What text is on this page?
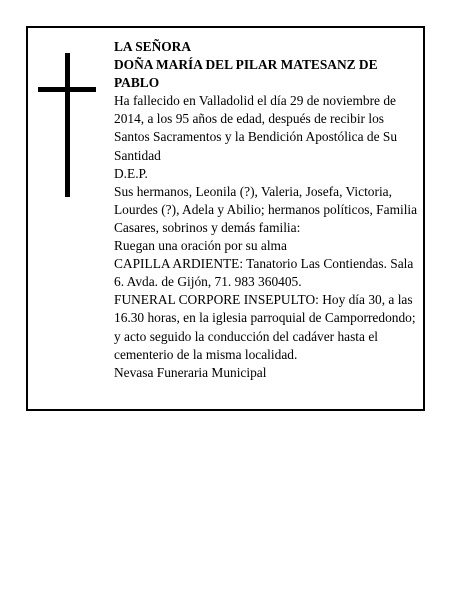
LA SEÑORA

DOÑA MARÍA DEL PILAR MATESANZ DE PABLO

Ha fallecido en Valladolid el día 29 de noviembre de 2014, a los 95 años de edad, después de recibir los Santos Sacramentos y la Bendición Apostólica de Su Santidad

D.E.P.

Sus hermanos, Leonila (?), Valeria, Josefa, Victoria, Lourdes (?), Adela y Abilio; hermanos políticos, Familia Casares, sobrinos y demás familia:

Ruegan una oración por su alma

CAPILLA ARDIENTE: Tanatorio Las Contiendas. Sala 6. Avda. de Gijón, 71. 983 360405.

FUNERAL CORPORE INSEPULTO: Hoy día 30, a las 16.30 horas, en la iglesia parroquial de Camporredondo; y acto seguido la conducción del cadáver hasta el cementerio de la misma localidad.

Nevasa Funeraria Municipal
